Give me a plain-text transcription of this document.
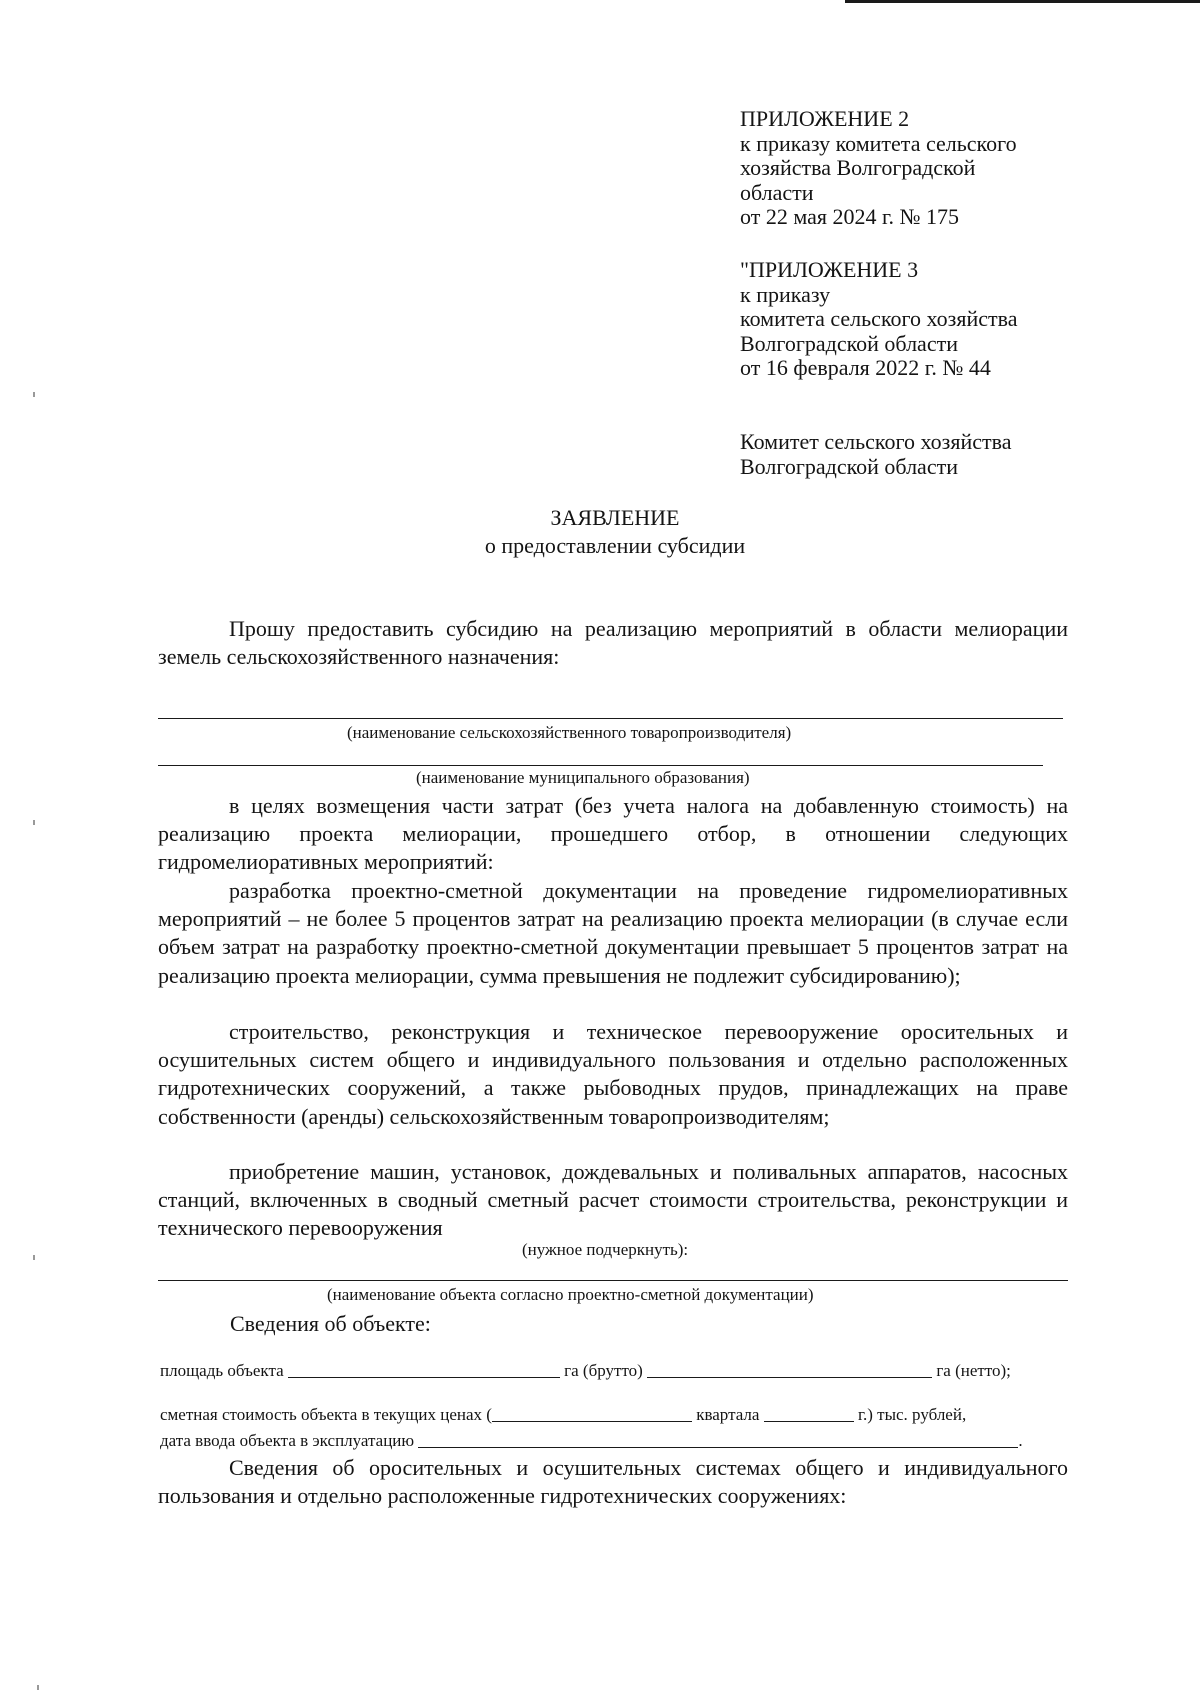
ПРИЛОЖЕНИЕ 2
к приказу комитета сельского
хозяйства Волгоградской
области
от 22 мая 2024 г. № 175
"ПРИЛОЖЕНИЕ 3
к приказу
комитета сельского хозяйства
Волгоградской области
от 16 февраля 2022 г. № 44
Комитет сельского хозяйства
Волгоградской области
ЗАЯВЛЕНИЕ
о предоставлении субсидии
Прошу предоставить субсидию на реализацию мероприятий в области мелиорации земель сельскохозяйственного назначения:
(наименование сельскохозяйственного товаропроизводителя)
(наименование муниципального образования)
в целях возмещения части затрат (без учета налога на добавленную стоимость) на реализацию проекта мелиорации, прошедшего отбор, в отношении следующих гидромелиоративных мероприятий:
разработка проектно-сметной документации на проведение гидромелиоративных мероприятий – не более 5 процентов затрат на реализацию проекта мелиорации (в случае если объем затрат на разработку проектно-сметной документации превышает 5 процентов затрат на реализацию проекта мелиорации, сумма превышения не подлежит субсидированию);
строительство, реконструкция и техническое перевооружение оросительных и осушительных систем общего и индивидуального пользования и отдельно расположенных гидротехнических сооружений, а также рыбоводных прудов, принадлежащих на праве собственности (аренды) сельскохозяйственным товаропроизводителям;
приобретение машин, установок, дождевальных и поливальных аппаратов, насосных станций, включенных в сводный сметный расчет стоимости строительства, реконструкции и технического перевооружения
(нужное подчеркнуть):
(наименование объекта согласно проектно-сметной документации)
Сведения об объекте:
площадь объекта	га (брутто)	га (нетто);
сметная стоимость объекта в текущих ценах (	квартала	г.) тыс. рублей,
дата ввода объекта в эксплуатацию	.
Сведения об оросительных и осушительных системах общего и индивидуального пользования и отдельно расположенные гидротехнических сооружениях:
